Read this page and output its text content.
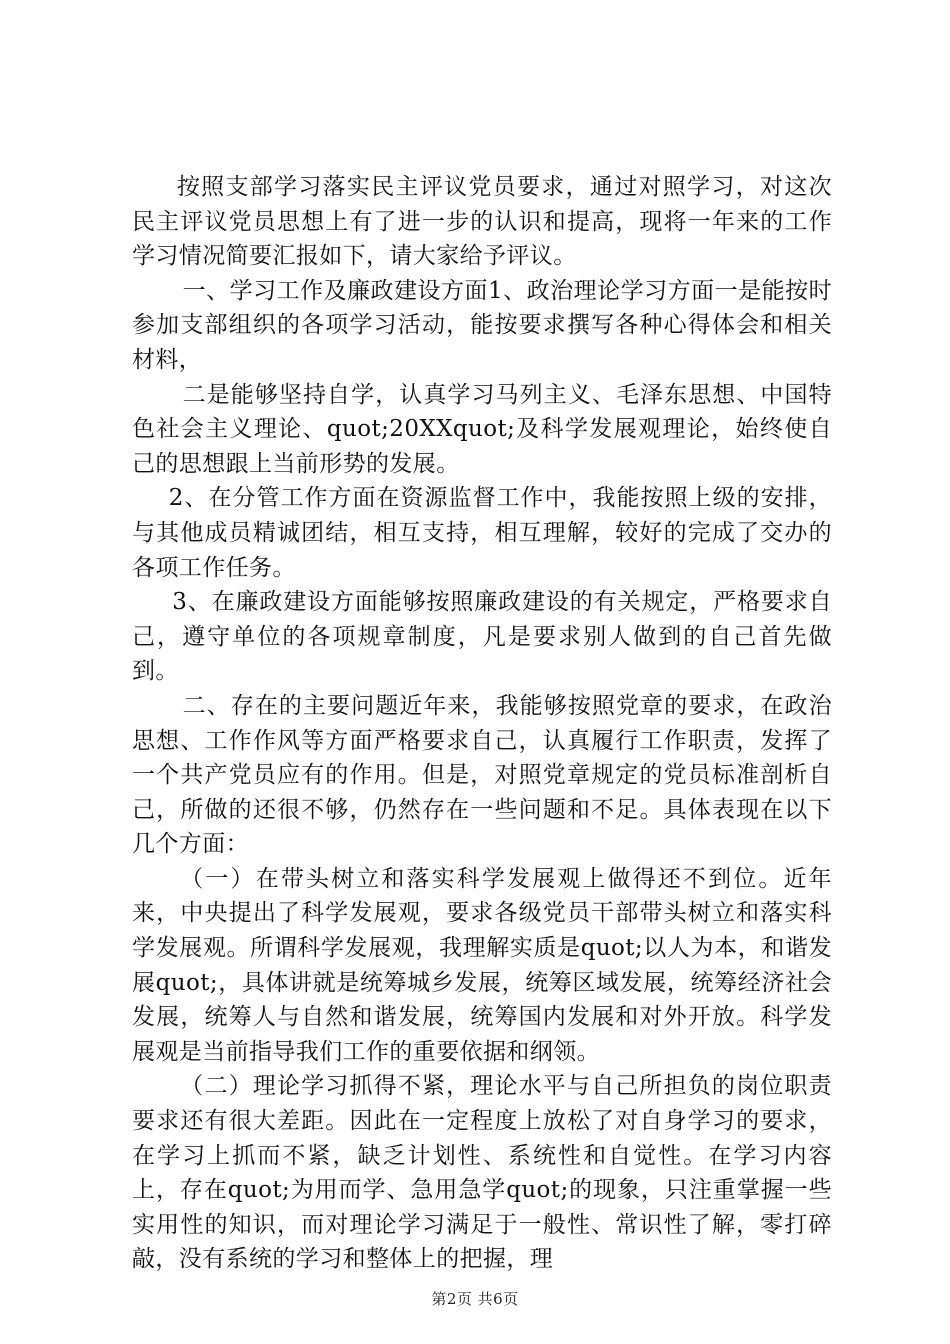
按照支部学习落实民主评议党员要求，通过对照学习，对这次民主评议党员思想上有了进一步的认识和提高，现将一年来的工作学习情况简要汇报如下，请大家给予评议。

一、学习工作及廉政建设方面1、政治理论学习方面一是能按时参加支部组织的各项学习活动，能按要求撰写各种心得体会和相关材料，

二是能够坚持自学，认真学习马列主义、毛泽东思想、中国特色社会主义理论、quot;20XXquot;及科学发展观理论，始终使自己的思想跟上当前形势的发展。

2、在分管工作方面在资源监督工作中，我能按照上级的安排，与其他成员精诚团结，相互支持，相互理解，较好的完成了交办的各项工作任务。

3、在廉政建设方面能够按照廉政建设的有关规定，严格要求自己，遵守单位的各项规章制度，凡是要求别人做到的自己首先做到。

二、存在的主要问题近年来，我能够按照党章的要求，在政治思想、工作作风等方面严格要求自己，认真履行工作职责，发挥了一个共产党员应有的作用。但是，对照党章规定的党员标准剖析自己，所做的还很不够，仍然存在一些问题和不足。具体表现在以下几个方面：

（一）在带头树立和落实科学发展观上做得还不到位。近年来，中央提出了科学发展观，要求各级党员干部带头树立和落实科学发展观。所谓科学发展观，我理解实质是quot;以人为本，和谐发展quot;，具体讲就是统筹城乡发展，统筹区域发展，统筹经济社会发展，统筹人与自然和谐发展，统筹国内发展和对外开放。科学发展观是当前指导我们工作的重要依据和纲领。

（二）理论学习抓得不紧，理论水平与自己所担负的岗位职责要求还有很大差距。因此在一定程度上放松了对自身学习的要求，在学习上抓而不紧，缺乏计划性、系统性和自觉性。在学习内容上，存在quot;为用而学、急用急学quot;的现象，只注重掌握一些实用性的知识，而对理论学习满足于一般性、常识性了解，零打碎敲，没有系统的学习和整体上的把握，理

第2页 共6页
